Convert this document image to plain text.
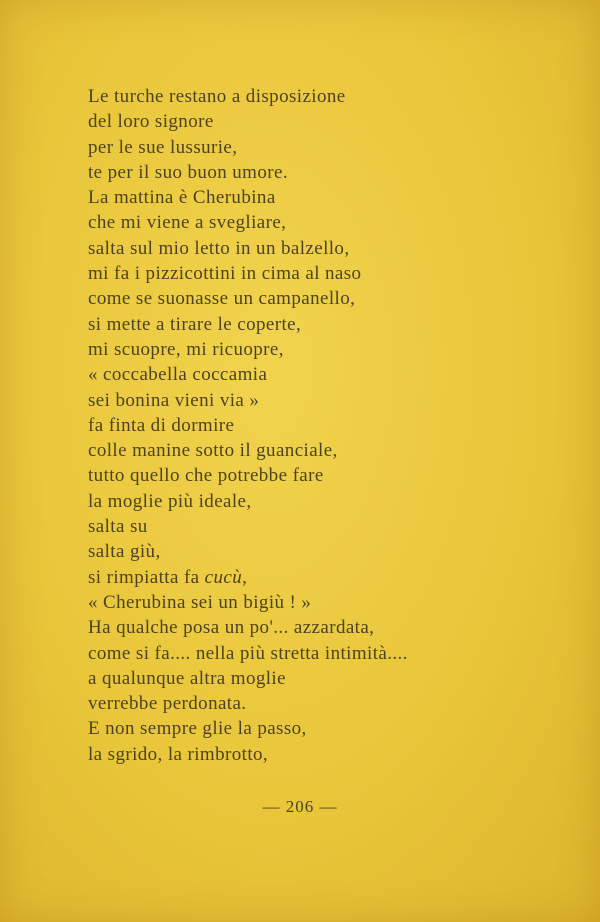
Le turche restano a disposizione
del loro signore
per le sue lussurie,
te per il suo buon umore.
La mattina è Cherubina
che mi viene a svegliare,
salta sul mio letto in un balzello,
mi fa i pizzicottini in cima al naso
come se suonasse un campanello,
si mette a tirare le coperte,
mi scuopre, mi ricuopre,
« coccabella coccamia
sei bonina vieni via »
fa finta di dormire
colle manine sotto il guanciale,
tutto quello che potrebbe fare
la moglie più ideale,
salta su
salta giù,
si rimpiatta fa cucù,
« Cherubina sei un bigiù ! »
Ha qualche posa un po'... azzardata,
come si fa.... nella più stretta intimità....
a qualunque altra moglie
verrebbe perdonata.
E non sempre glie la passo,
la sgrido, la rimbrotto,
— 206 —
